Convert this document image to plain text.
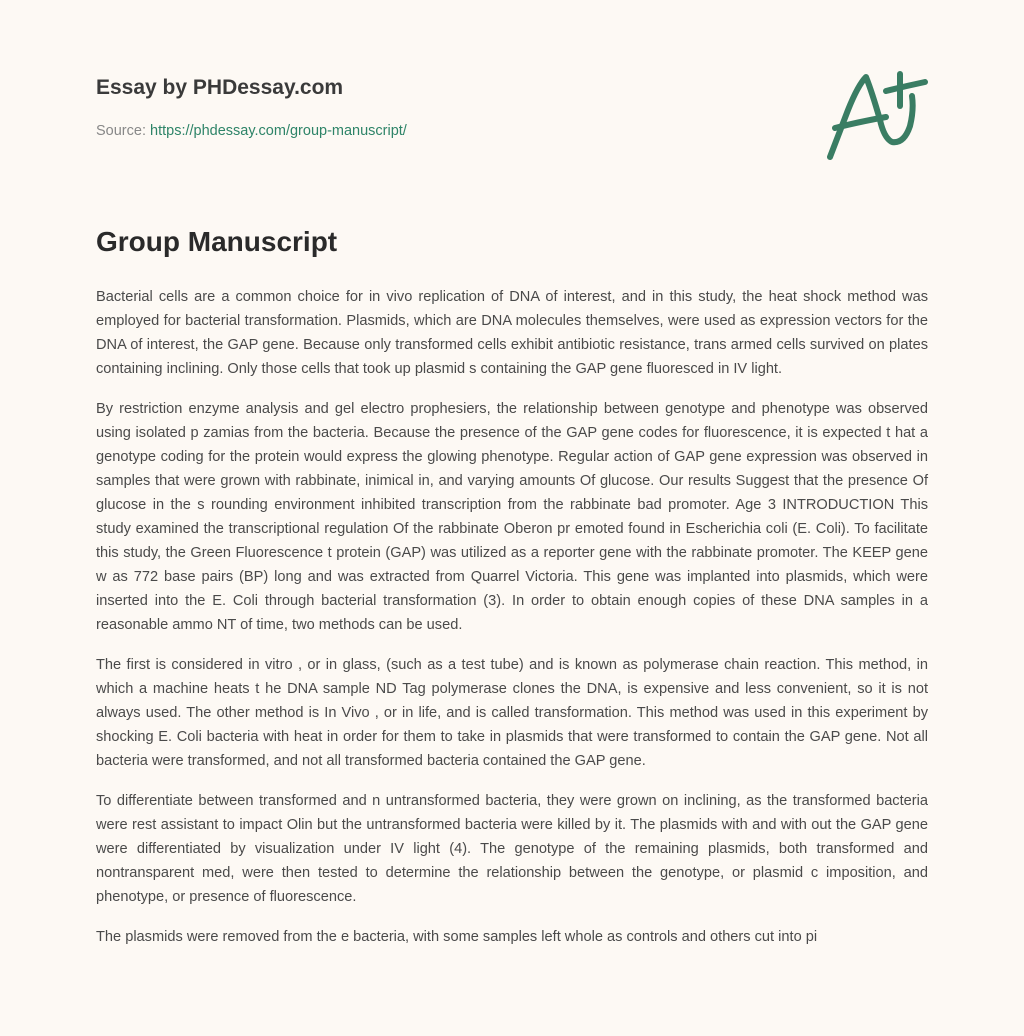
Essay by PHDessay.com
Source: https://phdessay.com/group-manuscript/
Group Manuscript

Bacterial cells are a common choice for in vivo replication of DNA of interest, and in this study, the heat shock method was employed for bacterial transformation. Plasmids, which are DNA molecules themselves, were used as expression vectors for the DNA of interest, the GAP gene. Because only transformed cells exhibit antibiotic resistance, trans armed cells survived on plates containing inclining. Only those cells that took up plasmid s containing the GAP gene fluoresced in IV light.

By restriction enzyme analysis and gel electro prophesiers, the relationship between genotype and phenotype was observed using isolated p zamias from the bacteria. Because the presence of the GAP gene codes for fluorescence, it is expected t hat a genotype coding for the protein would express the glowing phenotype. Regular action of GAP gene expression was observed in samples that were grown with rabbinate, inimical in, and varying amounts Of glucose. Our results Suggest that the presence Of glucose in the s rounding environment inhibited transcription from the rabbinate bad promoter. Age 3 INTRODUCTION This study examined the transcriptional regulation Of the rabbinate Oberon pr emoted found in Escherichia coli (E. Coli). To facilitate this study, the Green Fluorescence t protein (GAP) was utilized as a reporter gene with the rabbinate promoter. The KEEP gene w as 772 base pairs (BP) long and was extracted from Quarrel Victoria. This gene was implanted into plasmids, which were inserted into the E. Coli through bacterial transformation (3). In order to obtain enough copies of these DNA samples in a reasonable ammo NT of time, two methods can be used.

The first is considered in vitro , or in glass, (such as a test tube) and is known as polymerase chain reaction. This method, in which a machine heats t he DNA sample ND Tag polymerase clones the DNA, is expensive and less convenient, so it is not always used. The other method is In Vivo , or in life, and is called transformation. This method was used in this experiment by shocking E. Coli bacteria with heat in order for them to take in plasmids that were transformed to contain the GAP gene. Not all bacteria were transformed, and not all transformed bacteria contained the GAP gene.

To differentiate between transformed and n untransformed bacteria, they were grown on inclining, as the transformed bacteria were rest assistant to impact Olin but the untransformed bacteria were killed by it. The plasmids with and with out the GAP gene were differentiated by visualization under IV light (4). The genotype of the remaining plasmids, both transformed and nontransparent med, were then tested to determine the relationship between the genotype, or plasmid c imposition, and phenotype, or presence of fluorescence.

The plasmids were removed from the e bacteria, with some samples left whole as controls and others cut into pi
